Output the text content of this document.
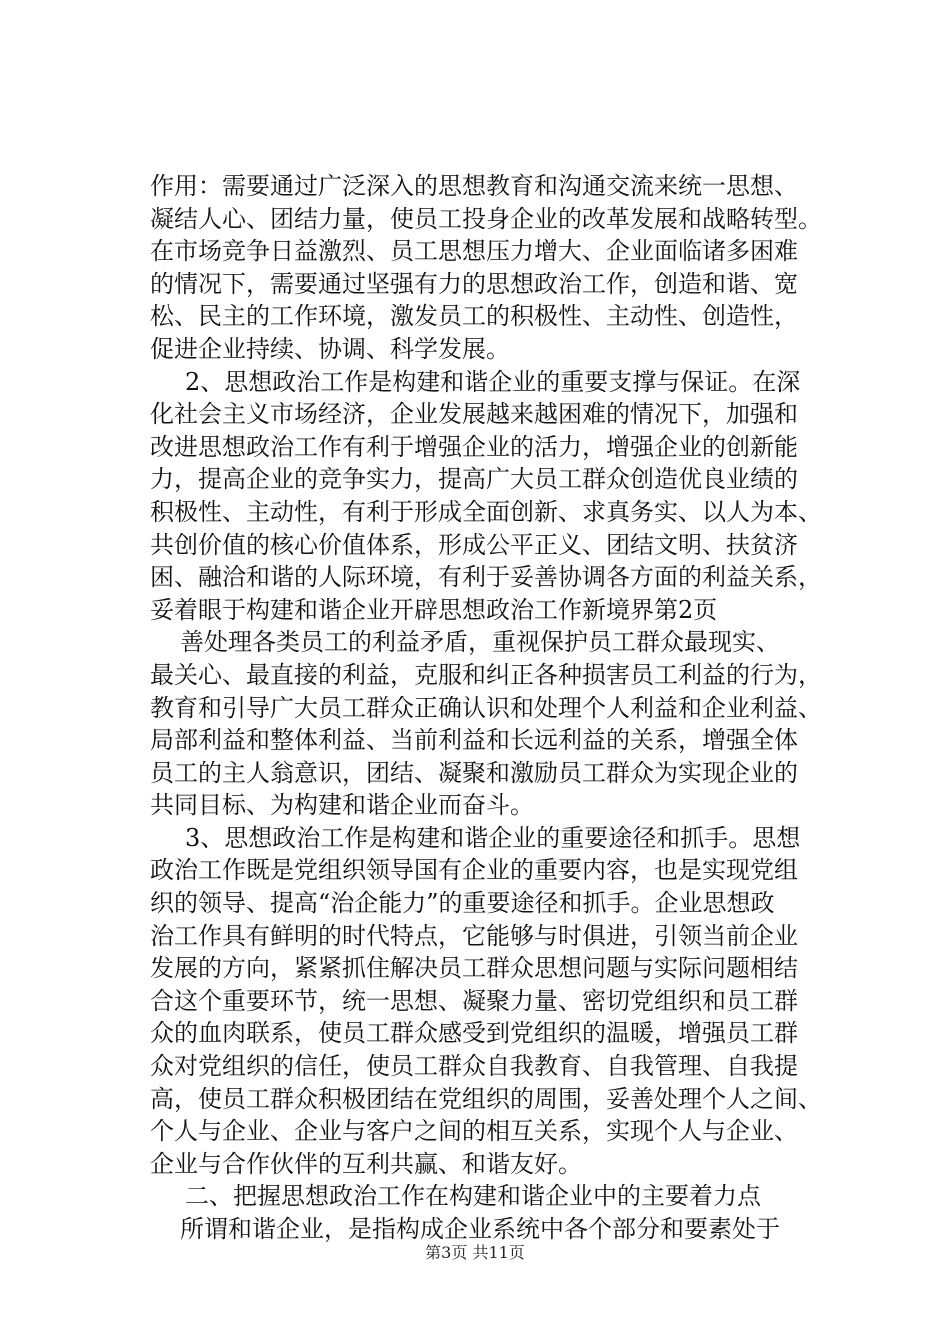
作用：需要通过广泛深入的思想教育和沟通交流来统一思想、
凝结人心、团结力量，使员工投身企业的改革发展和战略转型。
在市场竞争日益激烈、员工思想压力增大、企业面临诸多困难
的情况下，需要通过坚强有力的思想政治工作，创造和谐、宽
松、民主的工作环境，激发员工的积极性、主动性、创造性，
促进企业持续、协调、科学发展。
2、思想政治工作是构建和谐企业的重要支撑与保证。在深
化社会主义市场经济，企业发展越来越困难的情况下，加强和
改进思想政治工作有利于增强企业的活力，增强企业的创新能
力，提高企业的竞争实力，提高广大员工群众创造优良业绩的
积极性、主动性，有利于形成全面创新、求真务实、以人为本、
共创价值的核心价值体系，形成公平正义、团结文明、扶贫济
困、融洽和谐的人际环境，有利于妥善协调各方面的利益关系，
妥着眼于构建和谐企业开辟思想政治工作新境界第2页
善处理各类员工的利益矛盾，重视保护员工群众最现实、
最关心、最直接的利益，克服和纠正各种损害员工利益的行为，
教育和引导广大员工群众正确认识和处理个人利益和企业利益、
局部利益和整体利益、当前利益和长远利益的关系，增强全体
员工的主人翁意识，团结、凝聚和激励员工群众为实现企业的
共同目标、为构建和谐企业而奋斗。
3、思想政治工作是构建和谐企业的重要途径和抓手。思想
政治工作既是党组织领导国有企业的重要内容，也是实现党组
织的领导、提高“治企能力”的重要途径和抓手。企业思想政
治工作具有鲜明的时代特点，它能够与时俱进，引领当前企业
发展的方向，紧紧抓住解决员工群众思想问题与实际问题相结
合这个重要环节，统一思想、凝聚力量、密切党组织和员工群
众的血肉联系，使员工群众感受到党组织的温暖，增强员工群
众对党组织的信任，使员工群众自我教育、自我管理、自我提
高，使员工群众积极团结在党组织的周围，妥善处理个人之间、
个人与企业、企业与客户之间的相互关系，实现个人与企业、
企业与合作伙伴的互利共赢、和谐友好。
二、把握思想政治工作在构建和谐企业中的主要着力点
所谓和谐企业，是指构成企业系统中各个部分和要素处于
第3页 共11页
